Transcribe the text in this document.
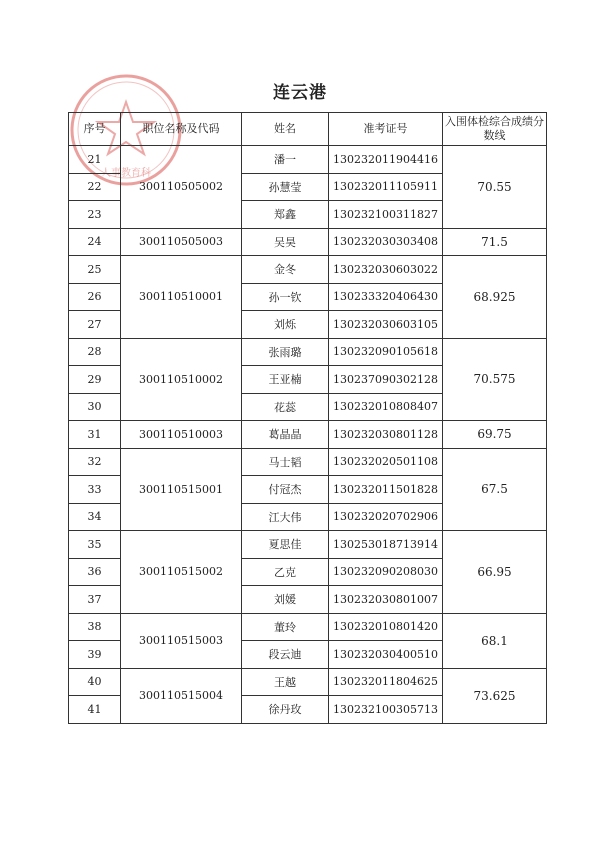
连云港
人事教育科
序号	职位名称及代码	姓名	准考证号	入围体检综合成绩分数线
21	300110505002	潘一	130232011904416	70.55
22		孙慧莹	130232011105911	
23		郑鑫	130232100311827	
24	300110505003	吴昊	130232030303408	71.5
25	300110510001	金冬	130232030603022	68.925
26		孙一钦	130233320406430	
27		刘烁	130232030603105	
28	300110510002	张雨璐	130232090105618	70.575
29		王亚楠	130237090302128	
30		花蕊	130232010808407	
31	300110510003	葛晶晶	130232030801128	69.75
32	300110515001	马士韬	130232020501108	67.5
33		付冠杰	130232011501828	
34		江大伟	130232020702906	
35	300110515002	夏思佳	130253018713914	66.95
36		乙克	130232090208030	
37		刘媛	130232030801007	
38	300110515003	董玲	130232010801420	68.1
39		段云迪	130232030400510	
40	300110515004	王越	130232011804625	73.625
41		徐丹玫	130232100305713	
